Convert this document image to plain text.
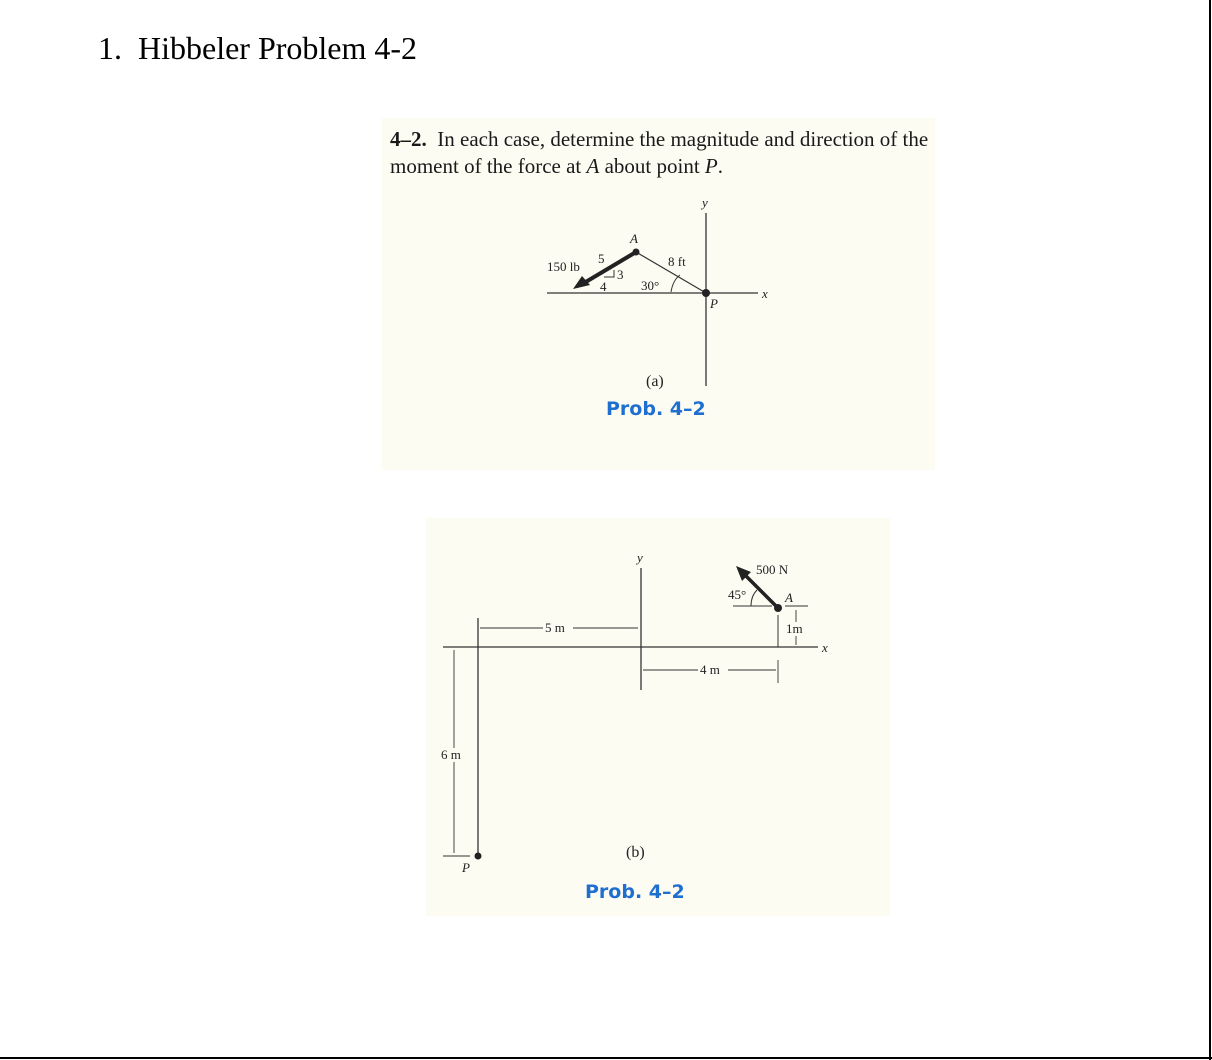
1. Hibbeler Problem 4-2
4–2. In each case, determine the magnitude and direction of the moment of the force at A about point P.
y
x
150 lb
5
3
4
A
8 ft
30°
P
(a)
Prob. 4–2
x
y
P
5 m
6 m
4 m
1m
500 N
45°	A
(b)
Prob. 4–2
